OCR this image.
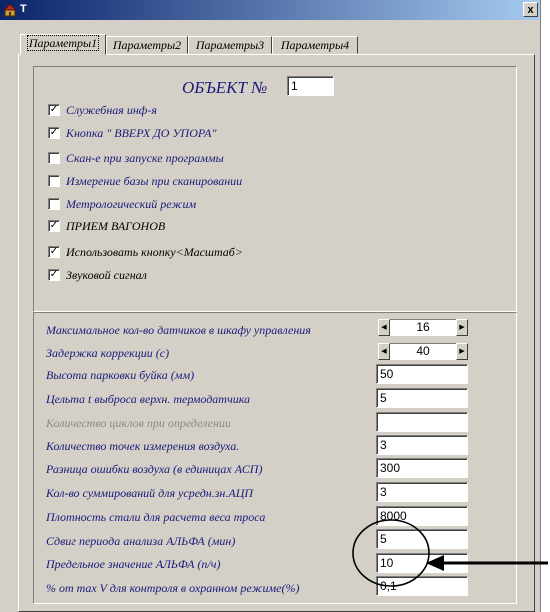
T	x
Параметры1	Параметры2	Параметры3	Параметры4
ОБЪЕКТ №	1
✓ Служебная инф-я
✓ Кнопка " ВВЕРХ ДО УПОРА"
Скан-е при запуске программы
Измерение базы при сканировании
Метрологический режим
✓ ПРИЕМ ВАГОНОВ
✓ Использовать кнопку<Масштаб>
✓ Звуковой сигнал
Максимальное кол-во датчиков в шкафу управления	◀	16	▶
Задержка коррекции (с)	◀	40	▶
Высота парковки буйка (мм)	50
Цельта t выброса верхн. термодатчика	5
Количество циклов при определении
Количество точек измерения воздуха.	3
Разница ошибки воздуха (в единицах АСП)	300
Кол-во суммирований для усредн.зн.АЦП	3
Плотность стали для расчета веса троса	8000
Сдвиг периода анализа АЛЬФА (мин)	5
Предельное значение АЛЬФА (п/ч)	10
% от max V для контроля в охранном режиме(%)	0,1
